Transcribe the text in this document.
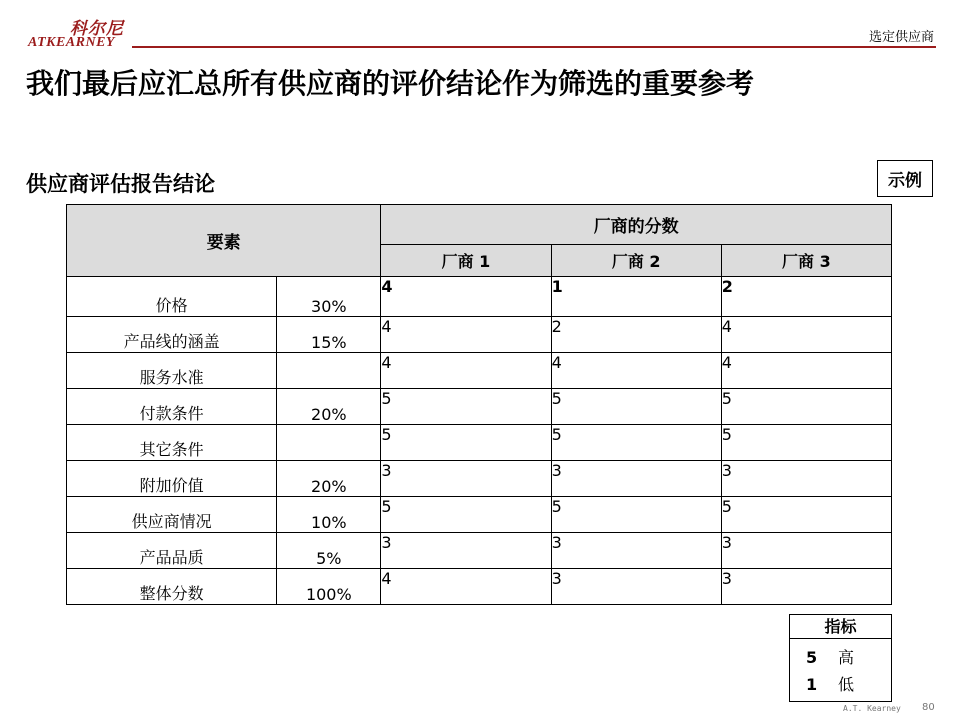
科尔尼
ATKEARNEY	选定供应商
我们最后应汇总所有供应商的评价结论作为筛选的重要参考
供应商评估报告结论	示例
要素		厂商的分数		
		厂商 1	厂商 2	厂商 3
价格	30%	4	1	2
产品线的涵盖	15%	4	2	4
服务水准		4	4	4
付款条件	20%	5	5	5
其它条件		5	5	5
附加价值	20%	3	3	3
供应商情况	10%	5	5	5
产品品质	5%	3	3	3
整体分数	100%	4	3	3
指标
5 高
1 低
A.T. Kearney 80
